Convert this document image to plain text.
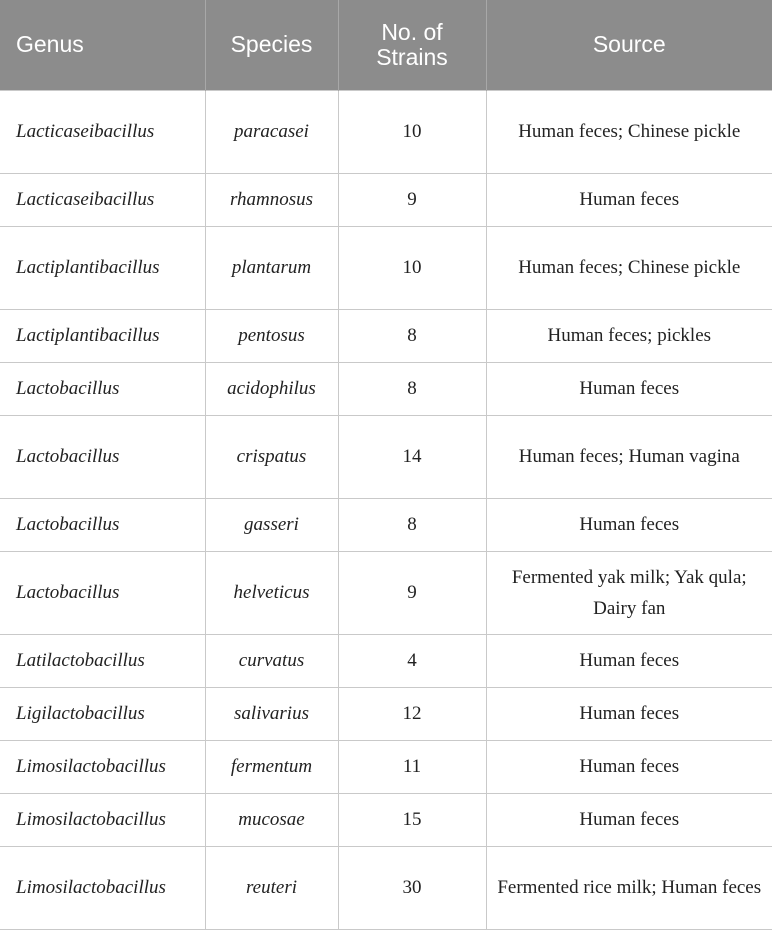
Genus	Species	No. of Strains	Source
Lacticaseibacillus	paracasei	10	Human feces; Chinese pickle
Lacticaseibacillus	rhamnosus	9	Human feces
Lactiplantibacillus	plantarum	10	Human feces; Chinese pickle
Lactiplantibacillus	pentosus	8	Human feces; pickles
Lactobacillus	acidophilus	8	Human feces
Lactobacillus	crispatus	14	Human feces; Human vagina
Lactobacillus	gasseri	8	Human feces
Lactobacillus	helveticus	9	Fermented yak milk; Yak qula; Dairy fan
Latilactobacillus	curvatus	4	Human feces
Ligilactobacillus	salivarius	12	Human feces
Limosilactobacillus	fermentum	11	Human feces
Limosilactobacillus	mucosae	15	Human feces
Limosilactobacillus	reuteri	30	Fermented rice milk; Human feces
